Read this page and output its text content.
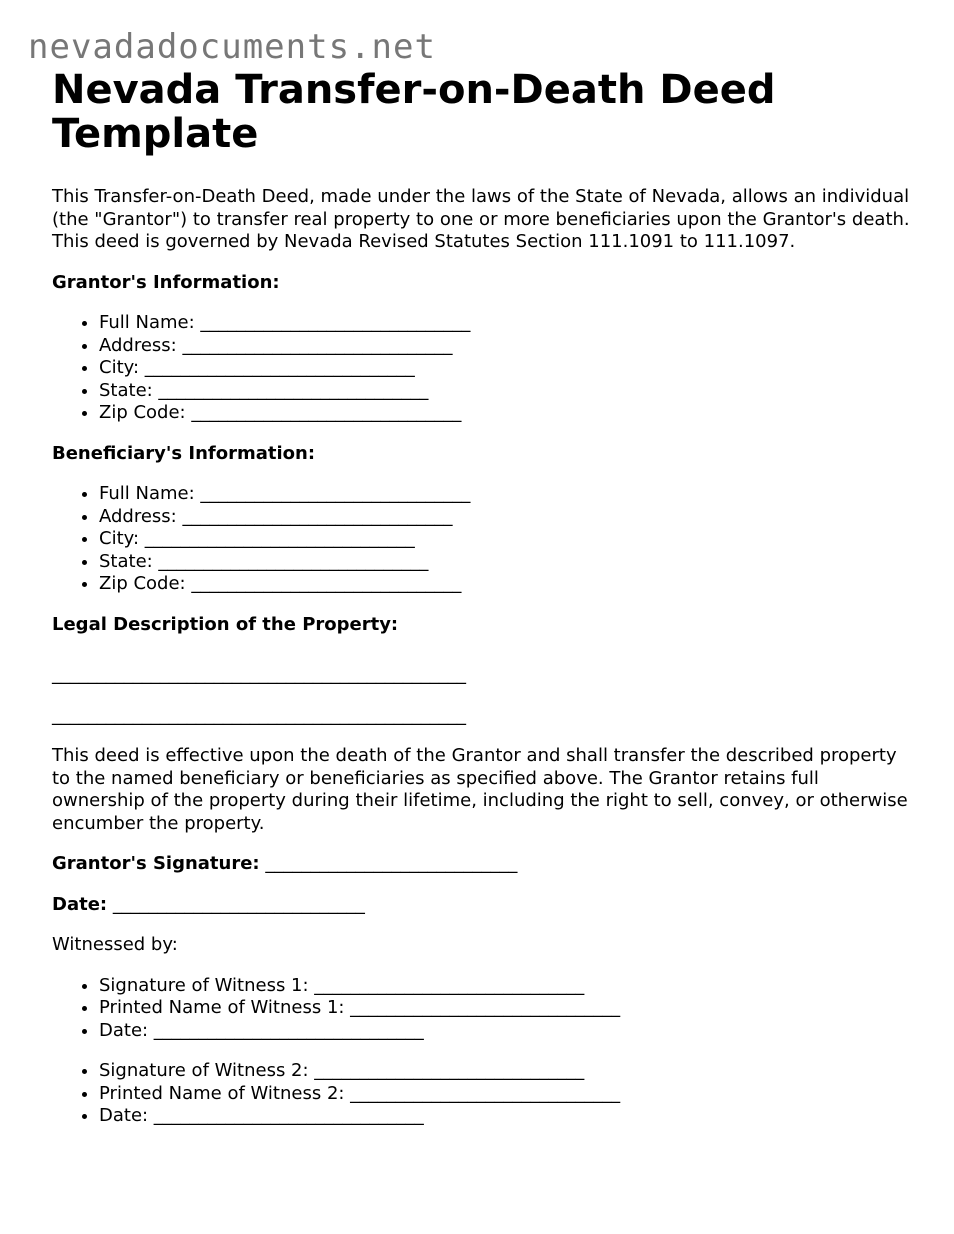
nevadadocuments.net
Nevada Transfer-on-Death Deed Template

This Transfer-on-Death Deed, made under the laws of the State of Nevada, allows an individual (the "Grantor") to transfer real property to one or more beneficiaries upon the Grantor's death. This deed is governed by Nevada Revised Statutes Section 111.1091 to 111.1097.

Grantor's Information:

• Full Name: ______________________________
• Address: ______________________________
• City: ______________________________
• State: ______________________________
• Zip Code: ______________________________

Beneficiary's Information:

• Full Name: ______________________________
• Address: ______________________________
• City: ______________________________
• State: ______________________________
• Zip Code: ______________________________

Legal Description of the Property:

______________________________________________

______________________________________________

This deed is effective upon the death of the Grantor and shall transfer the described property to the named beneficiary or beneficiaries as specified above. The Grantor retains full ownership of the property during their lifetime, including the right to sell, convey, or otherwise encumber the property.

Grantor's Signature: ____________________________

Date: ____________________________

Witnessed by:

• Signature of Witness 1: ______________________________
• Printed Name of Witness 1: ______________________________
• Date: ______________________________
• Signature of Witness 2: ______________________________
• Printed Name of Witness 2: ______________________________
• Date: ______________________________
